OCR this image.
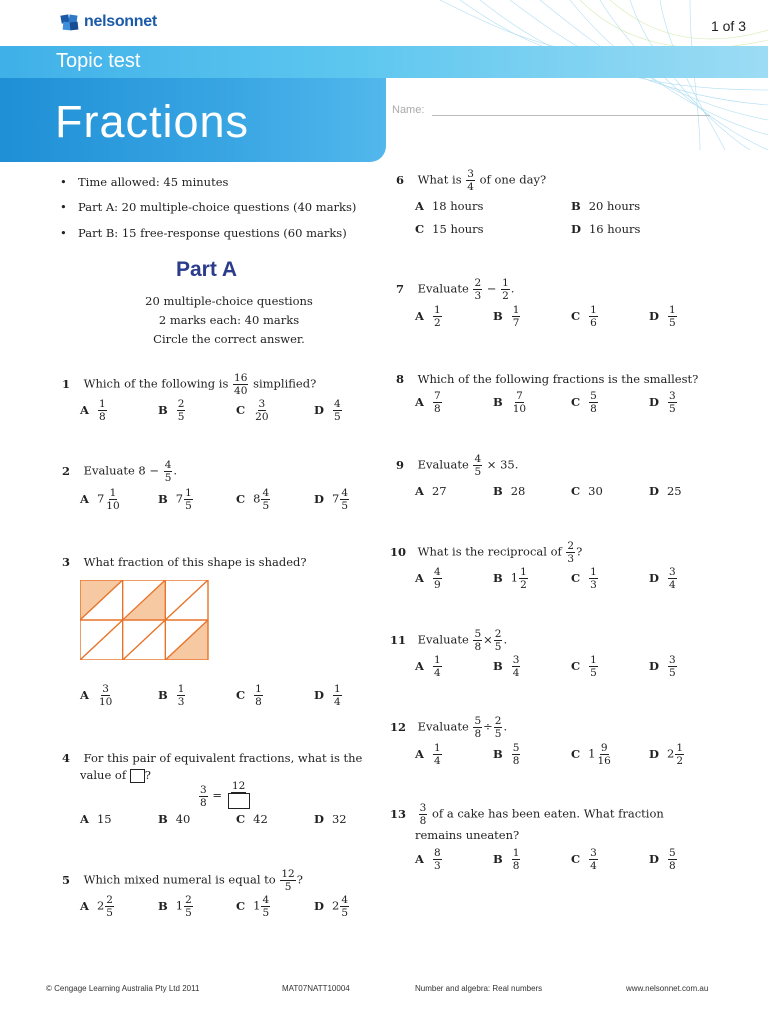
nelsonnet	1 of 3
Topic test
Fractions	Name:
• Time allowed: 45 minutes
• Part A: 20 multiple-choice questions (40 marks)
• Part B: 15 free-response questions (60 marks)
Part A
20 multiple-choice questions
2 marks each: 40 marks
Circle the correct answer.
1 Which of the following is $\frac{16}{40}$ simplified?
2 Evaluate $8 - \frac{4}{5}$ .
3 What fraction of this shape is shaded?
4 For this pair of equivalent fractions, what is the
value of ?
$\frac{3}{8}$ =
12
5 Which mixed numeral is equal to $\frac{12}{5}$ ?
6 What is $\frac{3}{4}$ of one day?
A 18 hours	B 20 hours
C 15 hours	D 16 hours
7 Evaluate $\frac{2}{3} - \frac{1}{2}$ .
8 Which of the following fractions is the smallest?
9 Evaluate $\frac{4}{5} \times 35$.
A 27	B 28	C 30	D 25
10 What is the reciprocal of $\frac{2}{3}$ ?
11 Evaluate $\frac{5}{8} \times \frac{2}{5}$ .
12 Evaluate $\frac{5}{8} \div \frac{2}{5}$ .
$13 \frac{3}{8}$ of a cake has been eaten. What fraction
remains uneaten?
© Cengage Learning Australia Pty Ltd 2011	MAT07NATT10004	Number and algebra: Real numbers	www.nelsonnet.com.au
A $\frac{1}{8}$	B $\frac{2}{5}$	C $\frac{3}{20}$	D $\frac{4}{5}$
A $7 \frac{1}{10}$	B $7 \frac{1}{5}$	C $8 \frac{4}{5}$	D $7 \frac{4}{5}$
A $\frac{3}{10}$	B $\frac{1}{3}$	C $\frac{1}{8}$	D $\frac{1}{4}$
A 15	B 40	C 42	D 32
A $2 \frac{2}{5}$	B $1 \frac{2}{5}$	C $1 \frac{4}{5}$	D $2 \frac{4}{5}$
A $\frac{1}{2}$	B $\frac{1}{7}$	C $\frac{1}{6}$	D $\frac{1}{5}$
A $\frac{7}{8}$	B $\frac{7}{10}$	C $\frac{5}{8}$	D $\frac{3}{5}$
A $\frac{4}{9}$	B $1 \frac{1}{2}$	C $\frac{1}{3}$	D $\frac{3}{4}$
A $\frac{1}{4}$	B $\frac{3}{4}$	C $\frac{1}{5}$	D $\frac{3}{5}$
A $\frac{1}{4}$	B $\frac{5}{8}$	C $1 \frac{9}{16}$	D $2 \frac{1}{2}$
A $\frac{8}{3}$	B $\frac{1}{8}$	C $\frac{3}{4}$	D $\frac{5}{8}$
